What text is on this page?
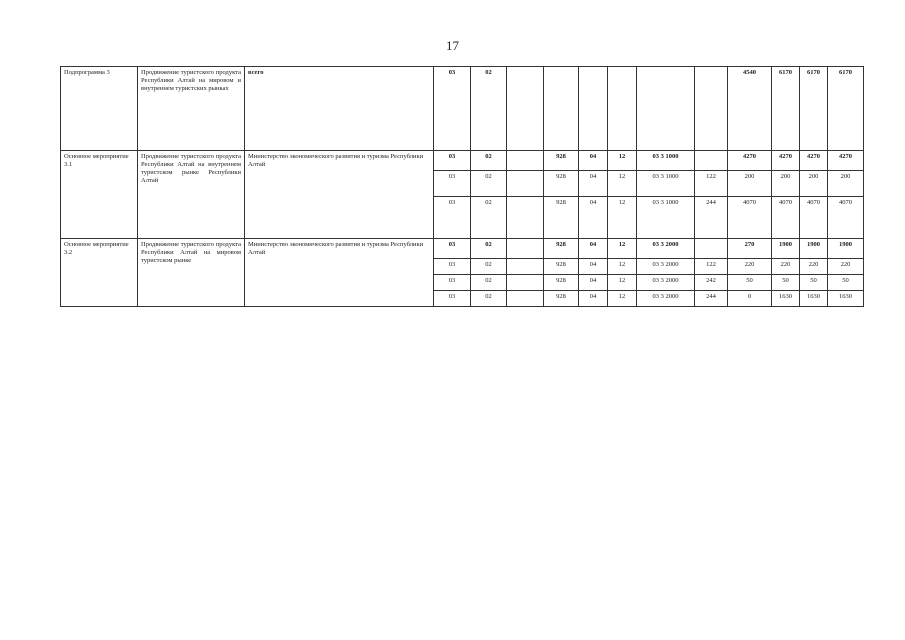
17
Подпрограмма 3	Продвижение туристского продукта Республики Алтай на мировом и внутреннем туристских рынках	всего	03	02							4540	6170	6170	6170
Основное мероприятие 3.1	Продвижение туристского продукта Республики Алтай на внутреннем туристском рынке Республики Алтай	Министерство экономического развития и туризма Республики Алтай	03	02		928	04	12	03 3 1000		4270	4270	4270	4270
			03	02		928	04	12	03 3 1000	122	200	200	200	200
			03	02		928	04	12	03 3 1000	244	4070	4070	4070	4070
Основное мероприятие 3.2	Продвижение туристского продукта Республики Алтай на мировом туристском рынке	Министерство экономического развития и туризма Республики Алтай	03	02		928	04	12	03 3 2000		270	1900	1900	1900
			03	02		928	04	12	03 3 2000	122	220	220	220	220
			03	02		928	04	12	03 3 2000	242	50	50	50	50
			03	02		928	04	12	03 3 2000	244	0	1630	1630	1630
